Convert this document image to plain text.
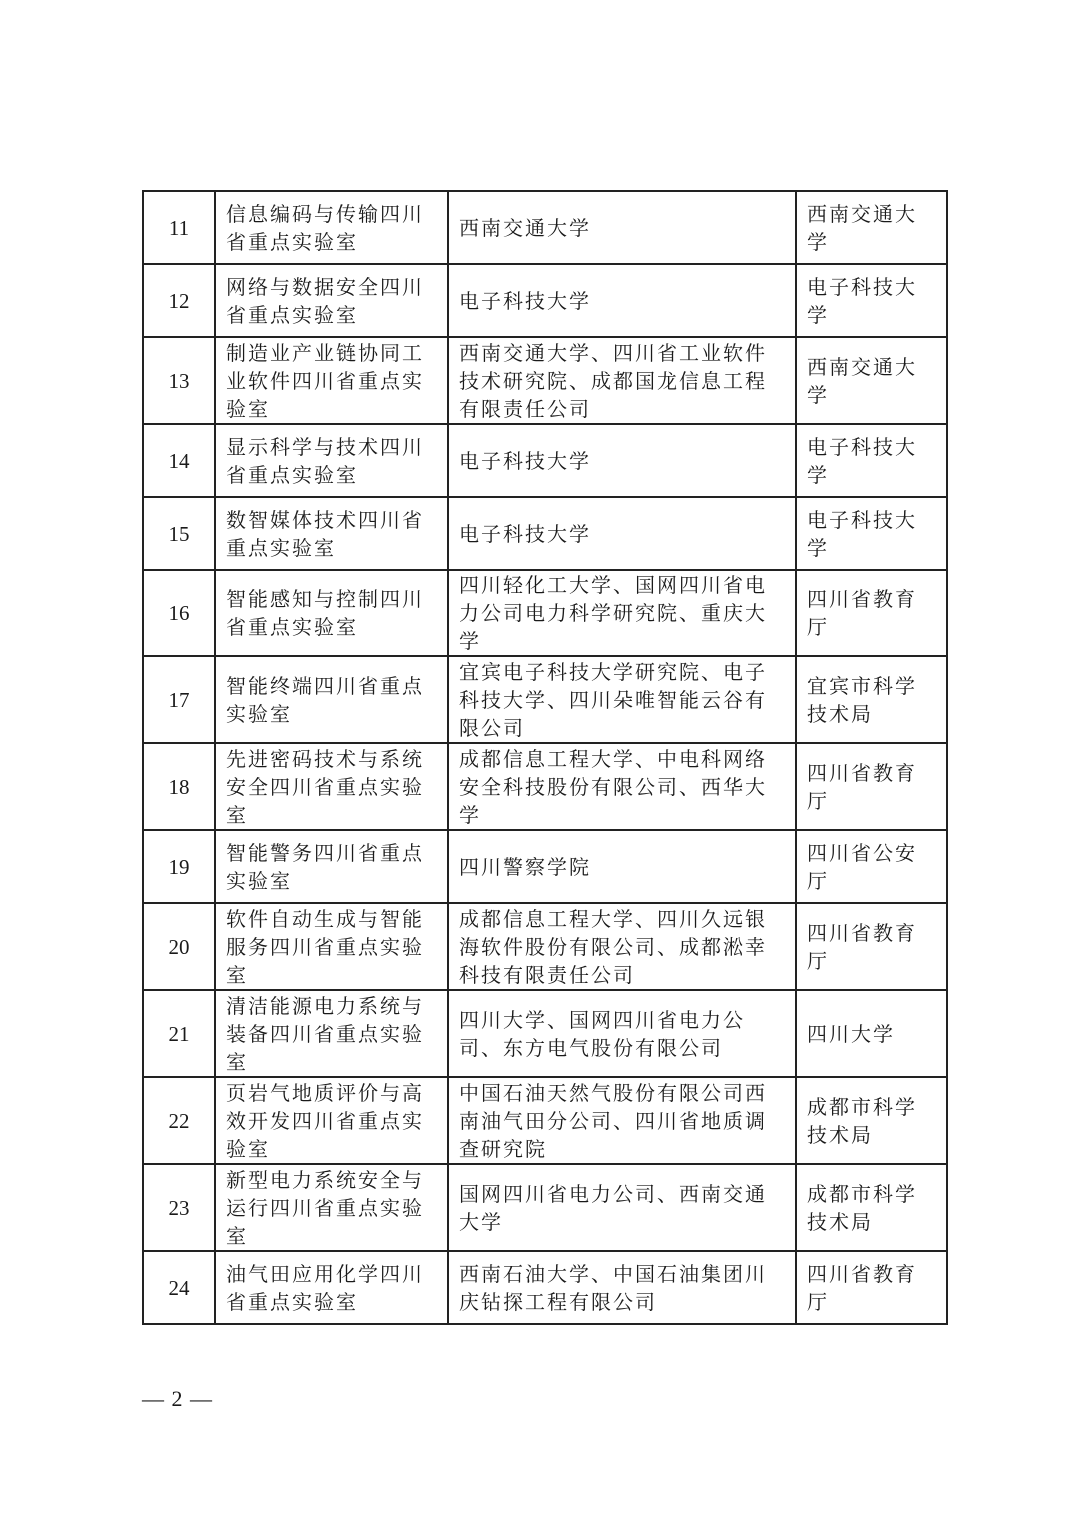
11	信息编码与传输四川省重点实验室	西南交通大学	西南交通大学
12	网络与数据安全四川省重点实验室	电子科技大学	电子科技大学
13	制造业产业链协同工业软件四川省重点实验室	西南交通大学、四川省工业软件技术研究院、成都国龙信息工程有限责任公司	西南交通大学
14	显示科学与技术四川省重点实验室	电子科技大学	电子科技大学
15	数智媒体技术四川省重点实验室	电子科技大学	电子科技大学
16	智能感知与控制四川省重点实验室	四川轻化工大学、国网四川省电力公司电力科学研究院、重庆大学	四川省教育厅
17	智能终端四川省重点实验室	宜宾电子科技大学研究院、电子科技大学、四川朵唯智能云谷有限公司	宜宾市科学技术局
18	先进密码技术与系统安全四川省重点实验室	成都信息工程大学、中电科网络安全科技股份有限公司、西华大学	四川省教育厅
19	智能警务四川省重点实验室	四川警察学院	四川省公安厅
20	软件自动生成与智能服务四川省重点实验室	成都信息工程大学、四川久远银海软件股份有限公司、成都淞幸科技有限责任公司	四川省教育厅
21	清洁能源电力系统与装备四川省重点实验室	四川大学、国网四川省电力公司、东方电气股份有限公司	四川大学
22	页岩气地质评价与高效开发四川省重点实验室	中国石油天然气股份有限公司西南油气田分公司、四川省地质调查研究院	成都市科学技术局
23	新型电力系统安全与运行四川省重点实验室	国网四川省电力公司、西南交通大学	成都市科学技术局
24	油气田应用化学四川省重点实验室	西南石油大学、中国石油集团川庆钻探工程有限公司	四川省教育厅
— 2 —
